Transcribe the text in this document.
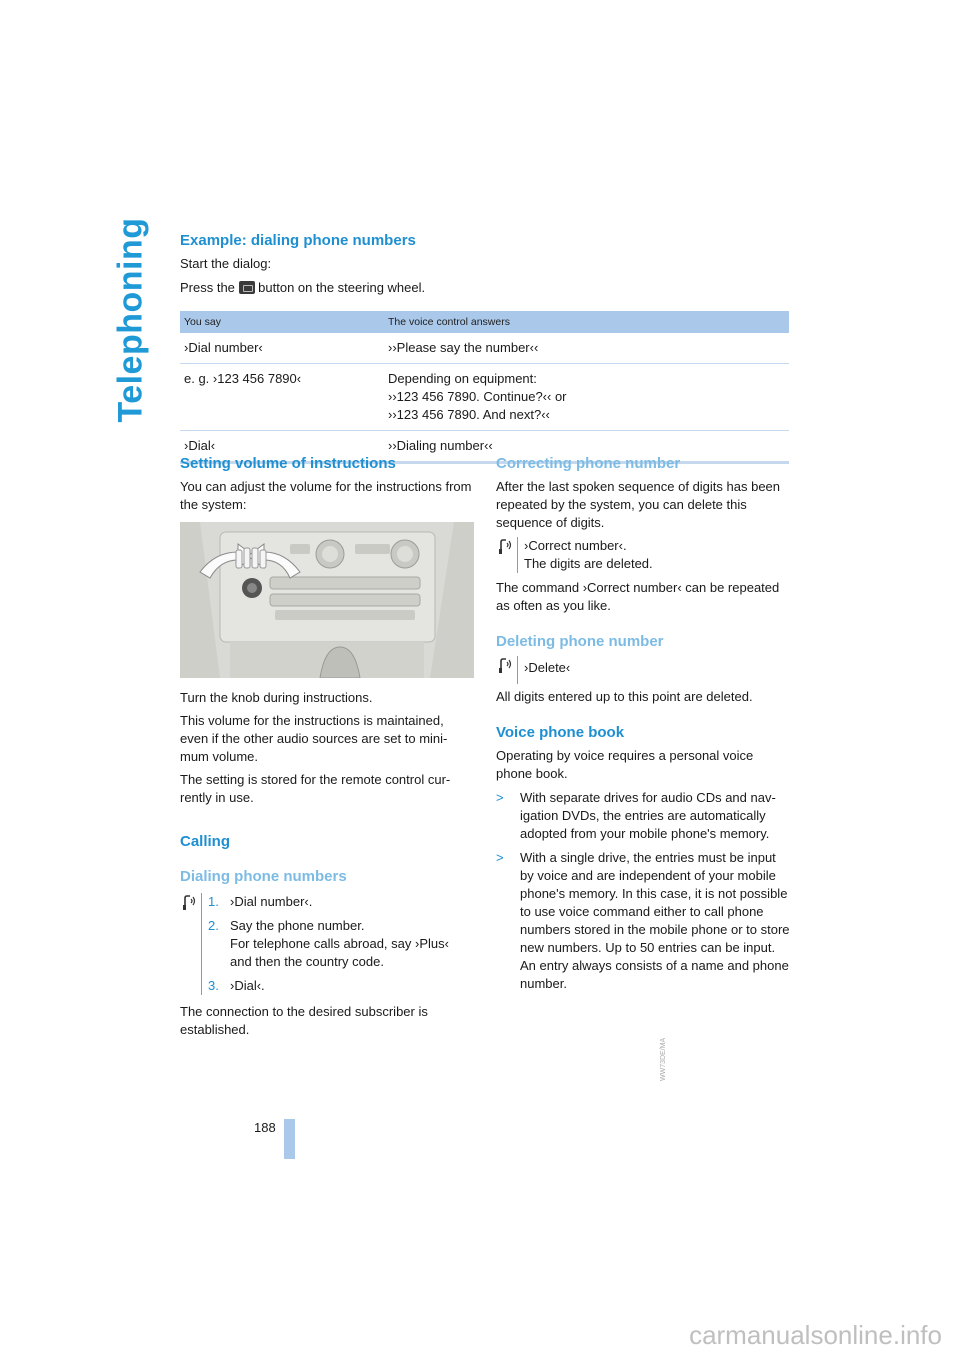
Telephoning Example: dialing phone numbers

Start the dialog:

Press the button on the steering wheel.

You say	The voice control answers
›Dial number‹	››Please say the number‹‹

e. g. ›123 456 7890‹	Depending on equipment:
››123 456 7890. Continue?‹‹ or
››123 456 7890. And next?‹‹

›Dial‹	››Dialing number‹‹
Setting volume of instructions

You can adjust the volume for the instructions from the system:

WW73DE/MA

Turn the knob during instructions.

This volume for the instructions is maintained, even if the other audio sources are set to mini-mum volume.

The setting is stored for the remote control cur-rently in use.

Calling
Dialing phone numbers
1. ›Dial number‹.
2. Say the phone number.
For telephone calls abroad, say ›Plus‹
and then the country code.
3. ›Dial‹.

The connection to the desired subscriber is established.

Correcting phone number

After the last spoken sequence of digits has been repeated by the system, you can delete this sequence of digits.

›Correct number‹.

The digits are deleted.

The command ›Correct number‹ can be repeated as often as you like.

Deleting phone number

›Delete‹

All digits entered up to this point are deleted.

Voice phone book

Operating by voice requires a personal voice phone book.

>	With separate drives for audio CDs and nav-igation DVDs, the entries are automatically adopted from your mobile phone's memory.
>	With a single drive, the entries must be input by voice and are independent of your mobile phone's memory. In this case, it is not possible to use voice command either to call phone numbers stored in the mobile phone or to store new numbers. Up to 50 entries can be input. An entry always consists of a name and phone number.
188
carmanualsonline.info
